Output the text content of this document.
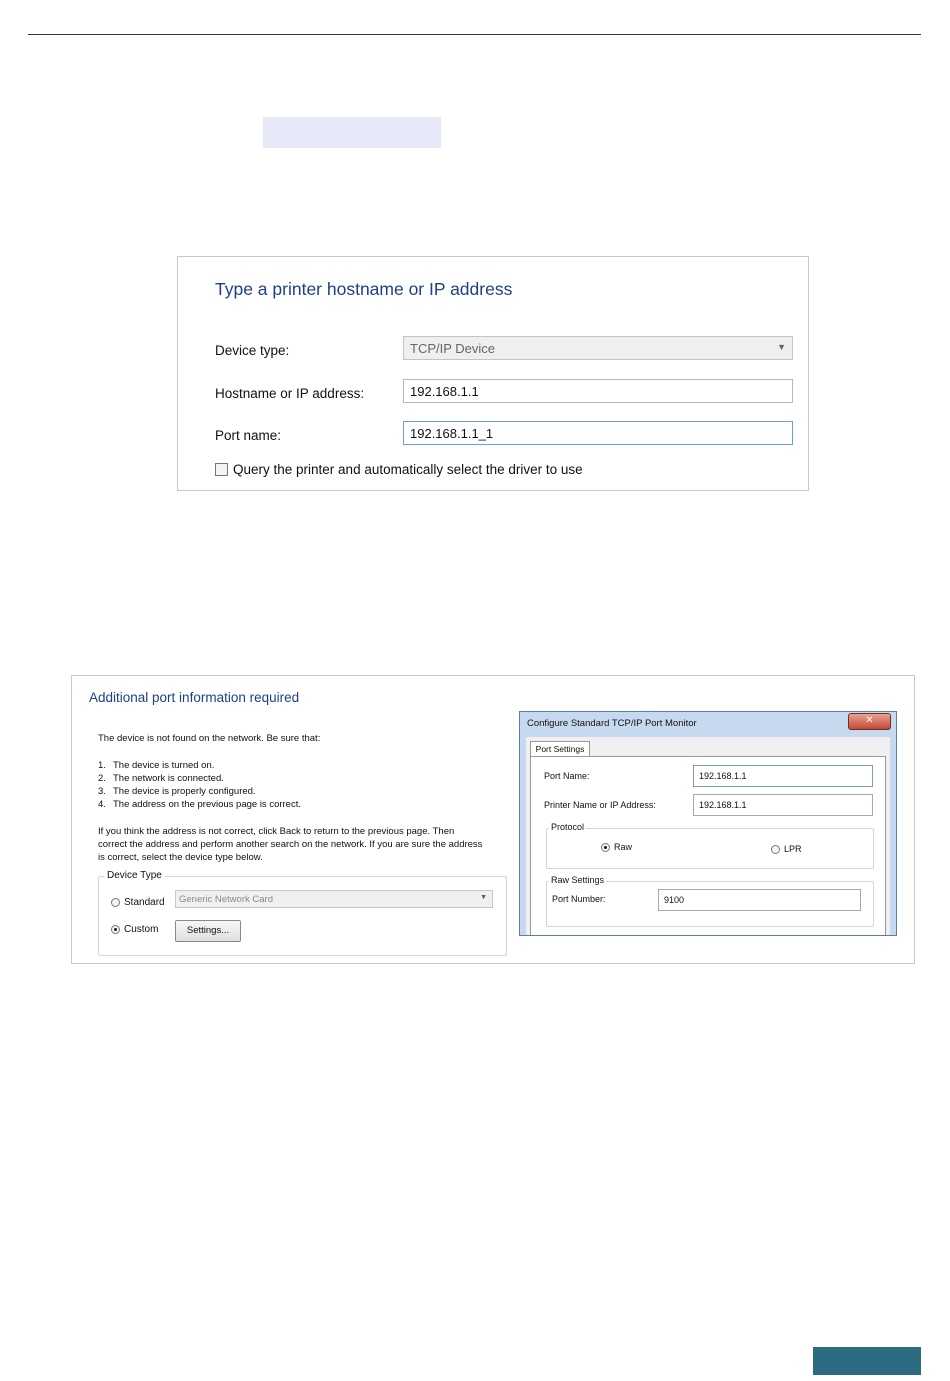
Type a printer hostname or IP address
Device type:	TCP/IP Device	▼
Hostname or IP address:	192.168.1.1
Port name:	192.168.1.1_1
Query the printer and automatically select the driver to use
Additional port information required
The device is not found on the network. Be sure that:
1. The device is turned on.
2. The network is connected.
3. The device is properly configured.
4. The address on the previous page is correct.
If you think the address is not correct, click Back to return to the previous page. Then
correct the address and perform another search on the network. If you are sure the address
is correct, select the device type below.
Device Type
Standard	Generic Network Card	▼
Custom	Settings...
Configure Standard TCP/IP Port Monitor	✕
Port Settings
Port Name:	192.168.1.1
Printer Name or IP Address:	192.168.1.1
Protocol
Raw	LPR
Raw Settings
Port Number:	9100
